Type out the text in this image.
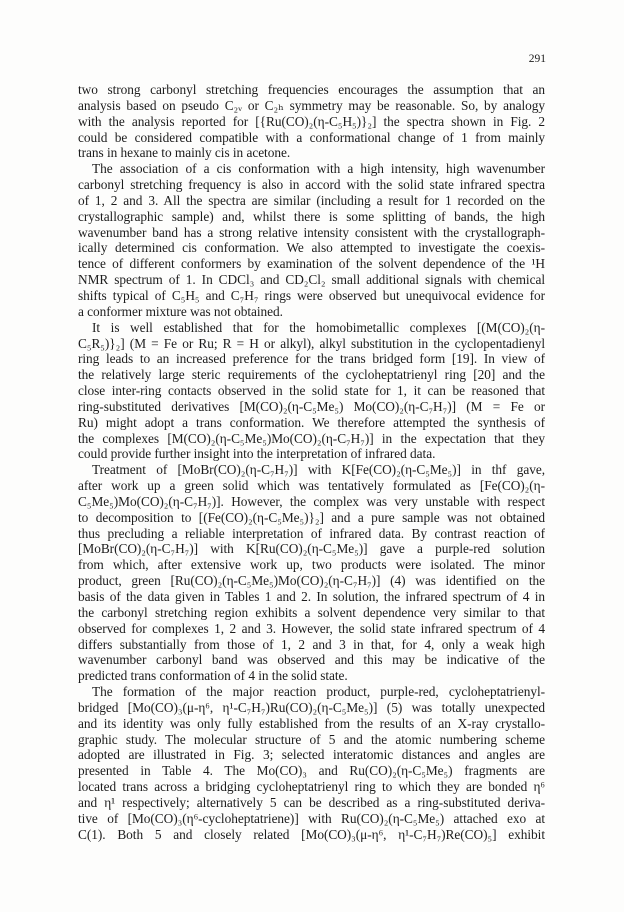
291
two strong carbonyl stretching frequencies encourages the assumption that an
analysis based on pseudo C₂ᵥ or C₂ₕ symmetry may be reasonable. So, by analogy
with the analysis reported for [{Ru(CO)₂(η-C₅H₅)}₂] the spectra shown in Fig. 2
could be considered compatible with a conformational change of 1 from mainly
trans in hexane to mainly cis in acetone.
The association of a cis conformation with a high intensity, high wavenumber
carbonyl stretching frequency is also in accord with the solid state infrared spectra
of 1, 2 and 3. All the spectra are similar (including a result for 1 recorded on the
crystallographic sample) and, whilst there is some splitting of bands, the high
wavenumber band has a strong relative intensity consistent with the crystallograph-
ically determined cis conformation. We also attempted to investigate the coexis-
tence of different conformers by examination of the solvent dependence of the ¹H
NMR spectrum of 1. In CDCl₃ and CD₂Cl₂ small additional signals with chemical
shifts typical of C₅H₅ and C₇H₇ rings were observed but unequivocal evidence for
a conformer mixture was not obtained.
It is well established that for the homobimetallic complexes [(M(CO)₂(η-
C₅R₅)}₂] (M = Fe or Ru; R = H or alkyl), alkyl substitution in the cyclopentadienyl
ring leads to an increased preference for the trans bridged form [19]. In view of
the relatively large steric requirements of the cycloheptatrienyl ring [20] and the
close inter-ring contacts observed in the solid state for 1, it can be reasoned that
ring-substituted derivatives [M(CO)₂(η-C₅Me₅) Mo(CO)₂(η-C₇H₇)] (M = Fe or
Ru) might adopt a trans conformation. We therefore attempted the synthesis of
the complexes [M(CO)₂(η-C₅Me₅)Mo(CO)₂(η-C₇H₇)] in the expectation that they
could provide further insight into the interpretation of infrared data.
Treatment of [MoBr(CO)₂(η-C₇H₇)] with K[Fe(CO)₂(η-C₅Me₅)] in thf gave,
after work up a green solid which was tentatively formulated as [Fe(CO)₂(η-
C₅Me₅)Mo(CO)₂(η-C₇H₇)]. However, the complex was very unstable with respect
to decomposition to [(Fe(CO)₂(η-C₅Me₅)}₂] and a pure sample was not obtained
thus precluding a reliable interpretation of infrared data. By contrast reaction of
[MoBr(CO)₂(η-C₇H₇)] with K[Ru(CO)₂(η-C₅Me₅)] gave a purple-red solution
from which, after extensive work up, two products were isolated. The minor
product, green [Ru(CO)₂(η-C₅Me₅)Mo(CO)₂(η-C₇H₇)] (4) was identified on the
basis of the data given in Tables 1 and 2. In solution, the infrared spectrum of 4 in
the carbonyl stretching region exhibits a solvent dependence very similar to that
observed for complexes 1, 2 and 3. However, the solid state infrared spectrum of 4
differs substantially from those of 1, 2 and 3 in that, for 4, only a weak high
wavenumber carbonyl band was observed and this may be indicative of the
predicted trans conformation of 4 in the solid state.
The formation of the major reaction product, purple-red, cycloheptatrienyl-
bridged [Mo(CO)₃(μ-η⁶, η¹-C₇H₇)Ru(CO)₂(η-C₅Me₅)] (5) was totally unexpected
and its identity was only fully established from the results of an X-ray crystallo-
graphic study. The molecular structure of 5 and the atomic numbering scheme
adopted are illustrated in Fig. 3; selected interatomic distances and angles are
presented in Table 4. The Mo(CO)₃ and Ru(CO)₂(η-C₅Me₅) fragments are
located trans across a bridging cycloheptatrienyl ring to which they are bonded η⁶
and η¹ respectively; alternatively 5 can be described as a ring-substituted deriva-
tive of [Mo(CO)₃(η⁶-cycloheptatriene)] with Ru(CO)₂(η-C₅Me₅) attached exo at
C(1). Both 5 and closely related [Mo(CO)₃(μ-η⁶, η¹-C₇H₇)Re(CO)₅] exhibit
